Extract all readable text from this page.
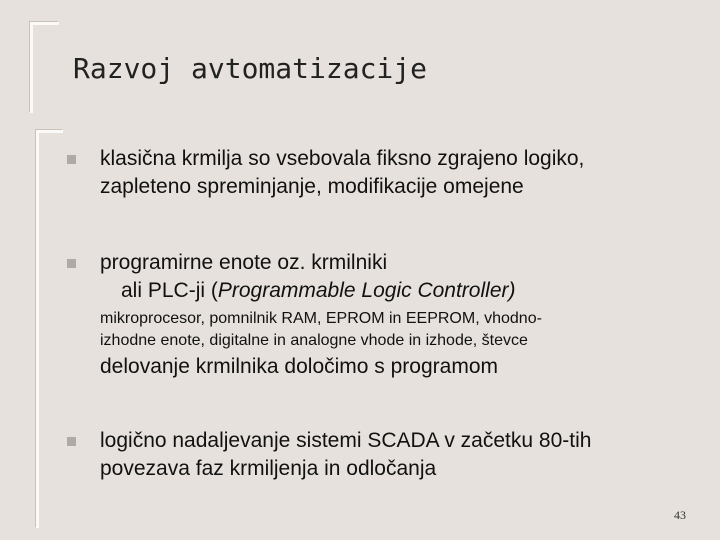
Razvoj avtomatizacije

klasična krmilja so vsebovala fiksno zgrajeno logiko,

zapleteno spreminjanje, modifikacije omejene

programirne enote oz. krmilniki

ali PLC-ji (Programmable Logic Controller)

mikroprocesor, pomnilnik RAM, EPROM in EEPROM, vhodno-

izhodne enote, digitalne in analogne vhode in izhode, števce

delovanje krmilnika določimo s programom

logično nadaljevanje sistemi SCADA v začetku 80-tih

povezava faz krmiljenja in odločanja

43
